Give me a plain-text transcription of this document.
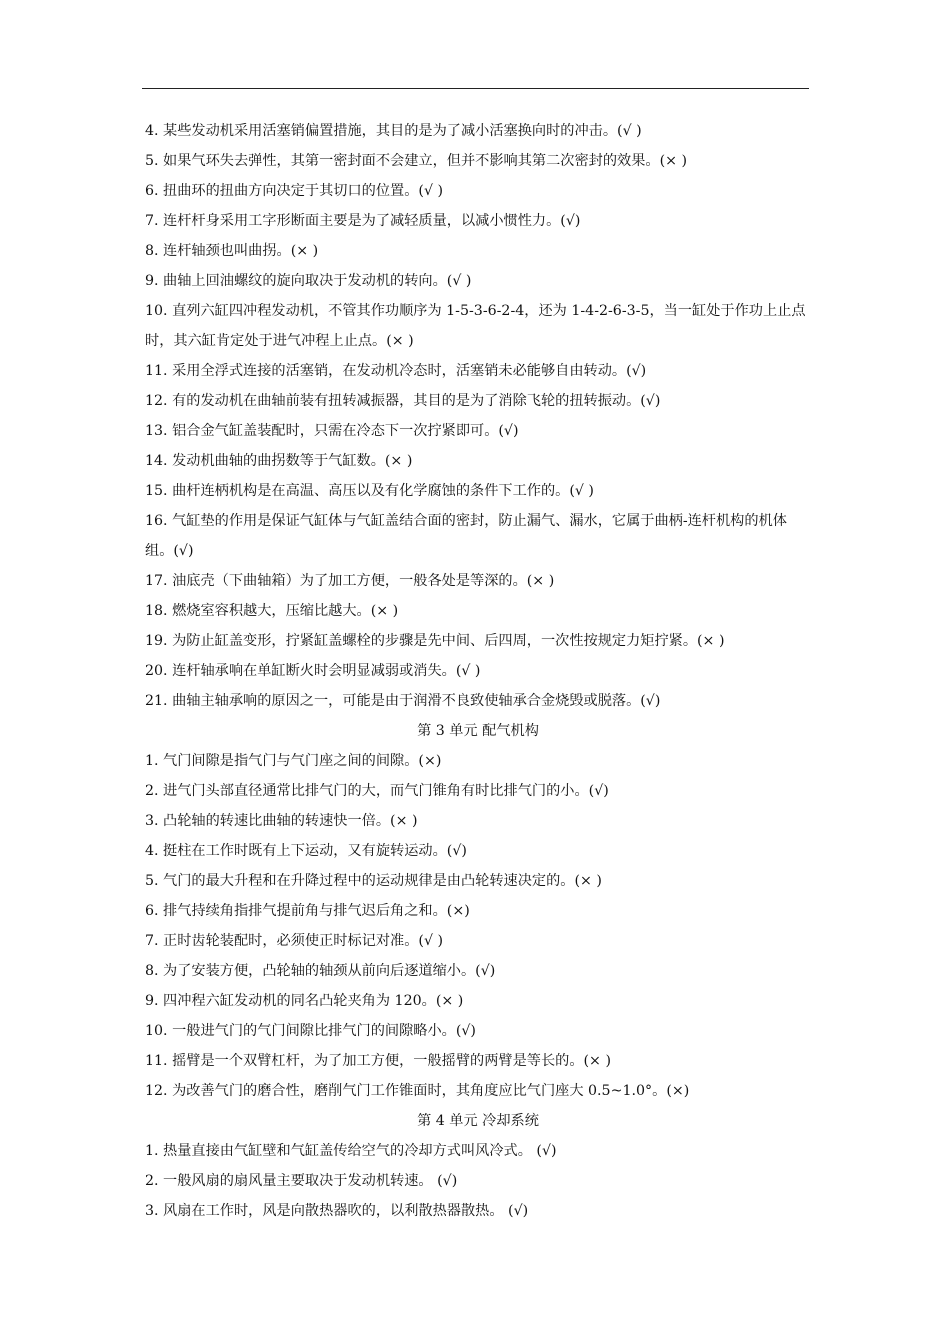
4. 某些发动机采用活塞销偏置措施，其目的是为了减小活塞换向时的冲击。(√ )
5. 如果气环失去弹性，其第一密封面不会建立，但并不影响其第二次密封的效果。(× )
6. 扭曲环的扭曲方向决定于其切口的位置。(√ )
7. 连杆杆身采用工字形断面主要是为了减轻质量，以减小惯性力。(√)
8. 连杆轴颈也叫曲拐。(× )
9. 曲轴上回油螺纹的旋向取决于发动机的转向。(√ )
10. 直列六缸四冲程发动机，不管其作功顺序为 1-5-3-6-2-4，还为 1-4-2-6-3-5，当一缸处于作功上止点时，其六缸肯定处于进气冲程上止点。(× )
11. 采用全浮式连接的活塞销，在发动机冷态时，活塞销未必能够自由转动。(√)
12. 有的发动机在曲轴前装有扭转减振器，其目的是为了消除飞轮的扭转振动。(√)
13. 铝合金气缸盖装配时，只需在冷态下一次拧紧即可。(√)
14. 发动机曲轴的曲拐数等于气缸数。(× )
15. 曲杆连柄机构是在高温、高压以及有化学腐蚀的条件下工作的。(√ )
16. 气缸垫的作用是保证气缸体与气缸盖结合面的密封，防止漏气、漏水，它属于曲柄-连杆机构的机体组。(√)
17. 油底壳（下曲轴箱）为了加工方便，一般各处是等深的。(× )
18. 燃烧室容积越大，压缩比越大。(× )
19. 为防止缸盖变形，拧紧缸盖螺栓的步骤是先中间、后四周，一次性按规定力矩拧紧。(× )
20. 连杆轴承响在单缸断火时会明显减弱或消失。(√ )
21. 曲轴主轴承响的原因之一，可能是由于润滑不良致使轴承合金烧毁或脱落。(√)
第 3 单元 配气机构
1. 气门间隙是指气门与气门座之间的间隙。(×)
2. 进气门头部直径通常比排气门的大，而气门锥角有时比排气门的小。(√)
3. 凸轮轴的转速比曲轴的转速快一倍。(× )
4. 挺柱在工作时既有上下运动，又有旋转运动。(√)
5. 气门的最大升程和在升降过程中的运动规律是由凸轮转速决定的。(× )
6. 排气持续角指排气提前角与排气迟后角之和。(×)
7. 正时齿轮装配时，必须使正时标记对准。(√ )
8. 为了安装方便，凸轮轴的轴颈从前向后逐道缩小。(√)
9. 四冲程六缸发动机的同名凸轮夹角为 120。(× )
10. 一般进气门的气门间隙比排气门的间隙略小。(√)
11. 摇臂是一个双臂杠杆，为了加工方便，一般摇臂的两臂是等长的。(× )
12. 为改善气门的磨合性，磨削气门工作锥面时，其角度应比气门座大 0.5~1.0°。(×)
第 4 单元 冷却系统
1. 热量直接由气缸壁和气缸盖传给空气的冷却方式叫风冷式。 (√)
2. 一般风扇的扇风量主要取决于发动机转速。 (√)
3. 风扇在工作时，风是向散热器吹的，以利散热器散热。 (√)
